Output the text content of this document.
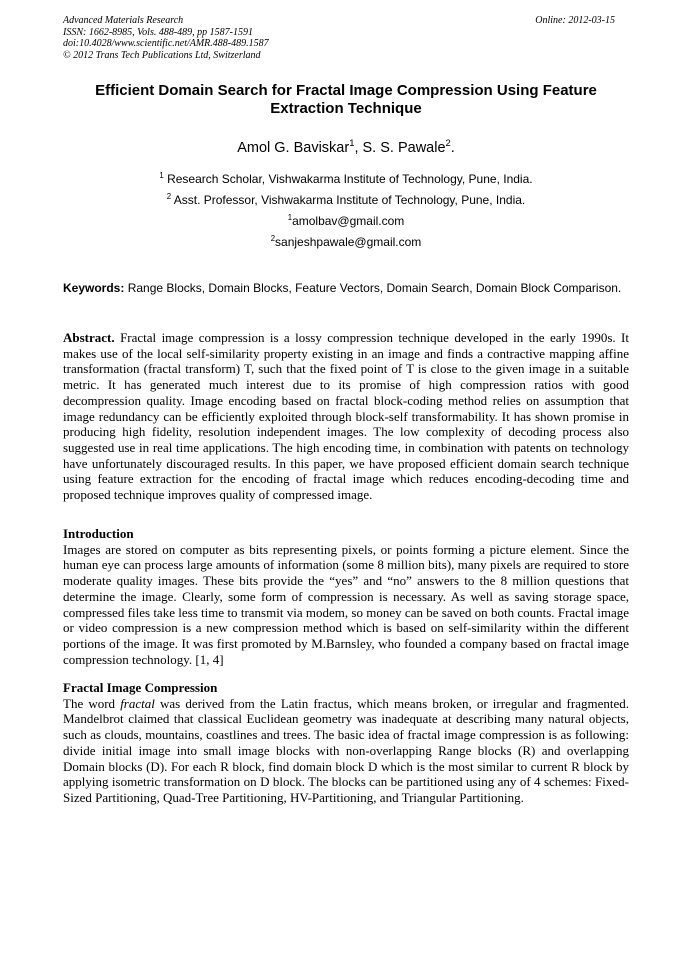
Advanced Materials Research
ISSN: 1662-8985, Vols. 488-489, pp 1587-1591
doi:10.4028/www.scientific.net/AMR.488-489.1587
© 2012 Trans Tech Publications Ltd, Switzerland
Online: 2012-03-15
Efficient Domain Search for Fractal Image Compression Using Feature Extraction Technique
Amol G. Baviskar$^1$, S. S. Pawale$^2$.
$^1$ Research Scholar, Vishwakarma Institute of Technology, Pune, India.
$^2$ Asst. Professor, Vishwakarma Institute of Technology, Pune, India.
$^1$amolbav@gmail.com
$^2$sanjeshpawale@gmail.com
Keywords: Range Blocks, Domain Blocks, Feature Vectors, Domain Search, Domain Block Comparison.
Abstract. Fractal image compression is a lossy compression technique developed in the early 1990s. It makes use of the local self-similarity property existing in an image and finds a contractive mapping affine transformation (fractal transform) T, such that the fixed point of T is close to the given image in a suitable metric. It has generated much interest due to its promise of high compression ratios with good decompression quality. Image encoding based on fractal block-coding method relies on assumption that image redundancy can be efficiently exploited through block-self transformability. It has shown promise in producing high fidelity, resolution independent images. The low complexity of decoding process also suggested use in real time applications. The high encoding time, in combination with patents on technology have unfortunately discouraged results. In this paper, we have proposed efficient domain search technique using feature extraction for the encoding of fractal image which reduces encoding-decoding time and proposed technique improves quality of compressed image.
Introduction
Images are stored on computer as bits representing pixels, or points forming a picture element. Since the human eye can process large amounts of information (some 8 million bits), many pixels are required to store moderate quality images. These bits provide the “yes” and “no” answers to the 8 million questions that determine the image. Clearly, some form of compression is necessary. As well as saving storage space, compressed files take less time to transmit via modem, so money can be saved on both counts. Fractal image or video compression is a new compression method which is based on self-similarity within the different portions of the image. It was first promoted by M.Barnsley, who founded a company based on fractal image compression technology. [1, 4]
Fractal Image Compression
The word fractal was derived from the Latin fractus, which means broken, or irregular and fragmented. Mandelbrot claimed that classical Euclidean geometry was inadequate at describing many natural objects, such as clouds, mountains, coastlines and trees. The basic idea of fractal image compression is as following: divide initial image into small image blocks with non-overlapping Range blocks (R) and overlapping Domain blocks (D). For each R block, find domain block D which is the most similar to current R block by applying isometric transformation on D block. The blocks can be partitioned using any of 4 schemes: Fixed-Sized Partitioning, Quad-Tree Partitioning, HV-Partitioning, and Triangular Partitioning.
